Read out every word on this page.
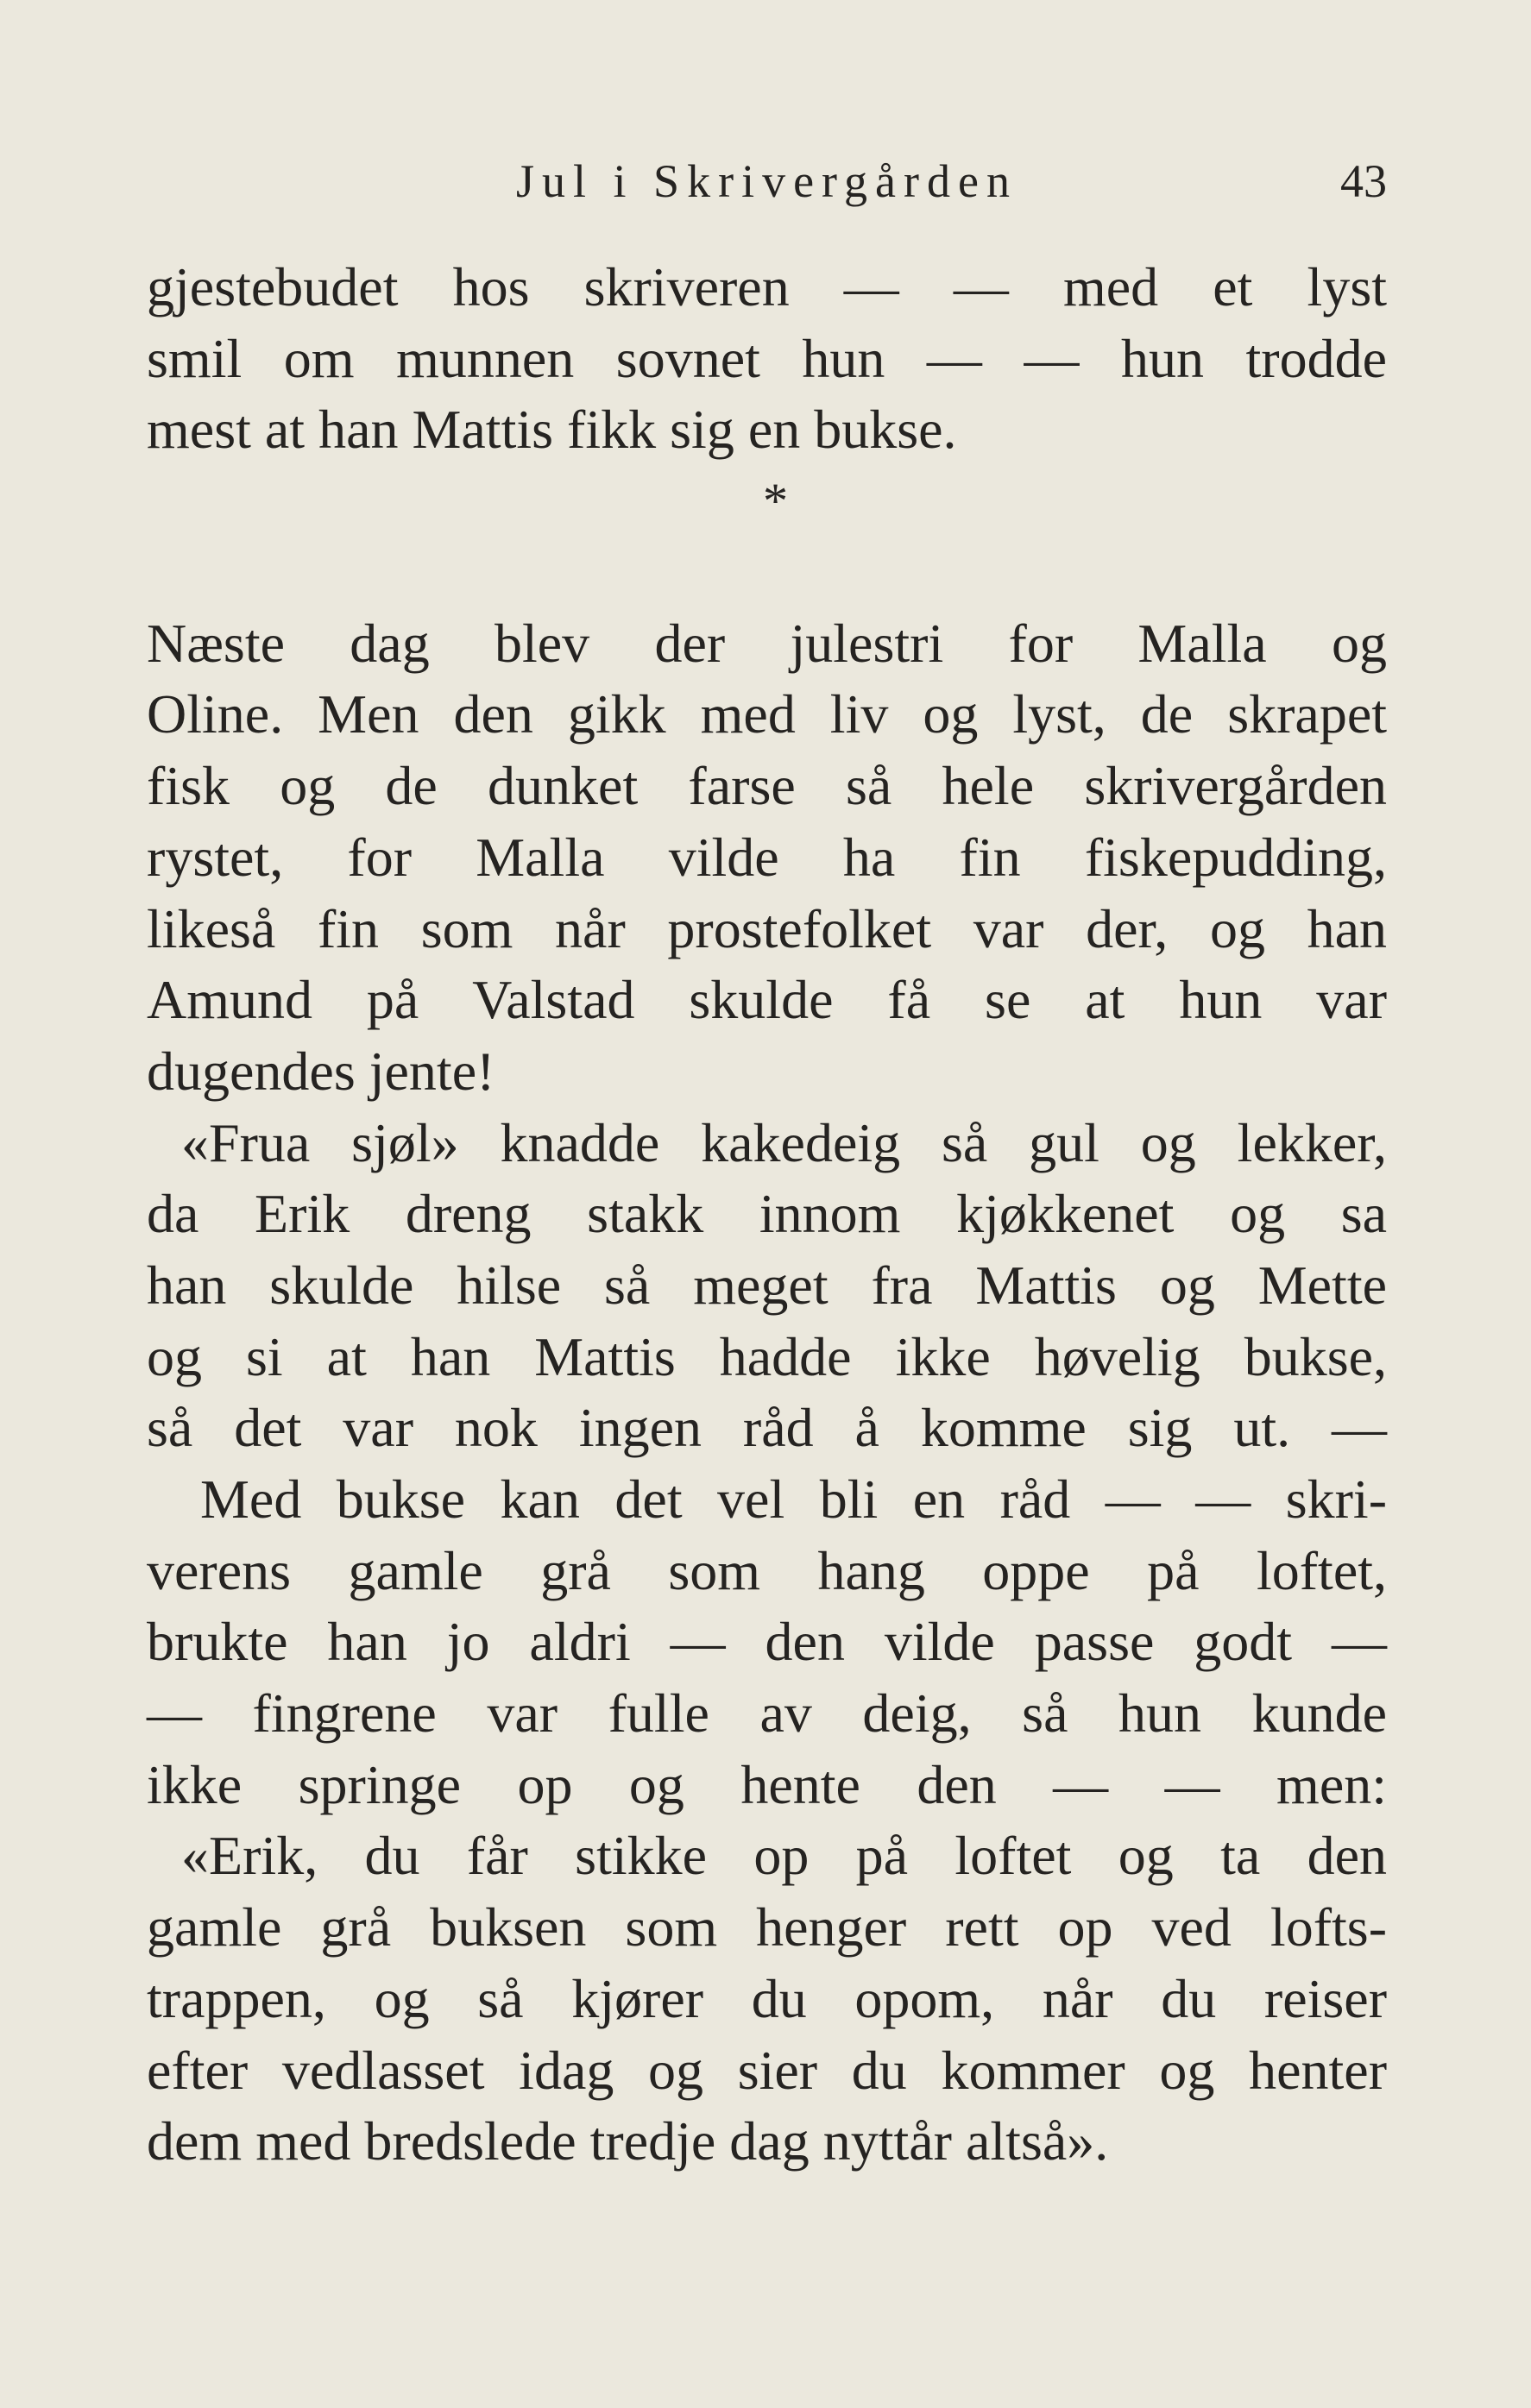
Jul i Skrivergården	43
gjestebudet hos skriveren — — med et lyst
smil om munnen sovnet hun — — hun trodde
mest at han Mattis fikk sig en bukse.
*
Næste dag blev der julestri for Malla og
Oline. Men den gikk med liv og lyst, de skrapet
fisk og de dunket farse så hele skrivergården
rystet, for Malla vilde ha fin fiskepudding,
likeså fin som når prostefolket var der, og han
Amund på Valstad skulde få se at hun var
dugendes jente!
«Frua sjøl» knadde kakedeig så gul og lekker,
da Erik dreng stakk innom kjøkkenet og sa
han skulde hilse så meget fra Mattis og Mette
og si at han Mattis hadde ikke høvelig bukse,
så det var nok ingen råd å komme sig ut. —
Med bukse kan det vel bli en råd — — skri-
verens gamle grå som hang oppe på loftet,
brukte han jo aldri — den vilde passe godt —
— fingrene var fulle av deig, så hun kunde
ikke springe op og hente den — — men:
«Erik, du får stikke op på loftet og ta den
gamle grå buksen som henger rett op ved lofts-
trappen, og så kjører du opom, når du reiser
efter vedlasset idag og sier du kommer og henter
dem med bredslede tredje dag nyttår altså».
